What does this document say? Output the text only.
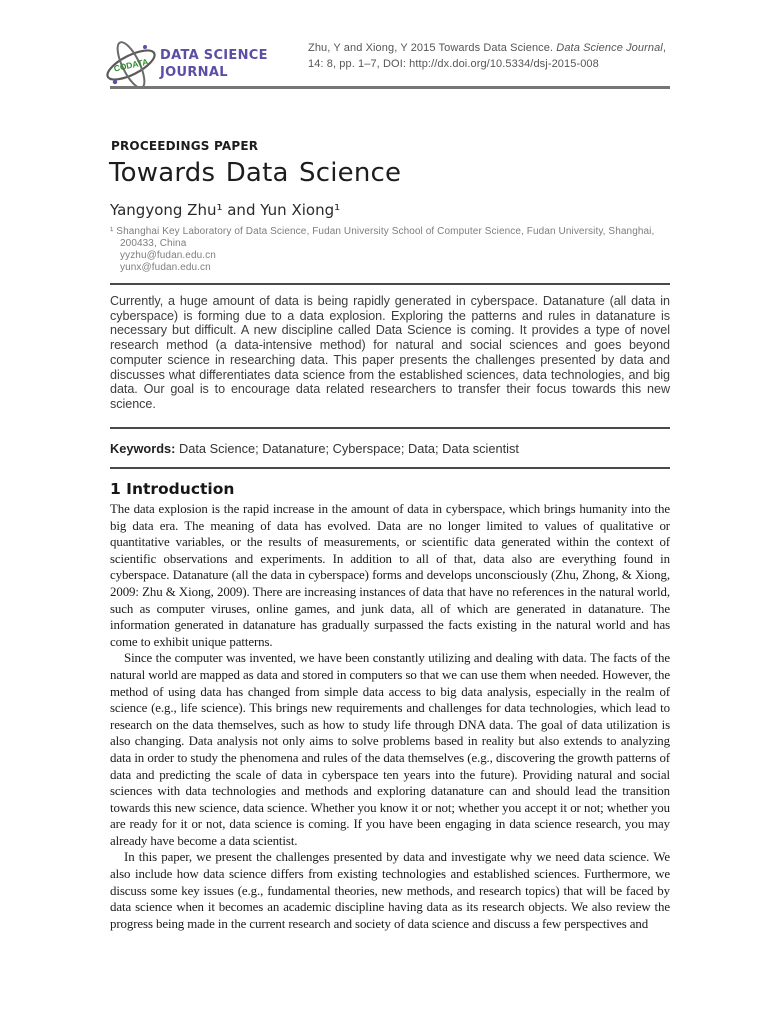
CODATA
DATA SCIENCE
JOURNAL
Zhu, Y and Xiong, Y 2015 Towards Data Science. Data Science Journal, 14: 8, pp. 1–7, DOI: http://dx.doi.org/10.5334/dsj-2015-008
PROCEEDINGS PAPER
Towards Data Science
Yangyong Zhu¹ and Yun Xiong¹
¹ Shanghai Key Laboratory of Data Science, Fudan University School of Computer Science, Fudan University, Shanghai, 200433, China
yyzhu@fudan.edu.cn
yunx@fudan.edu.cn
Currently, a huge amount of data is being rapidly generated in cyberspace. Datanature (all data in cyberspace) is forming due to a data explosion. Exploring the patterns and rules in datanature is necessary but difficult. A new discipline called Data Science is coming. It provides a type of novel research method (a data-intensive method) for natural and social sciences and goes beyond computer science in researching data. This paper presents the challenges presented by data and discusses what differentiates data science from the established sciences, data technologies, and big data. Our goal is to encourage data related researchers to transfer their focus towards this new science.
Keywords: Data Science; Datanature; Cyberspace; Data; Data scientist
1 Introduction

The data explosion is the rapid increase in the amount of data in cyberspace, which brings humanity into the big data era. The meaning of data has evolved. Data are no longer limited to values of qualitative or quantitative variables, or the results of measurements, or scientific data generated within the context of scientific observations and experiments. In addition to all of that, data also are everything found in cyberspace. Datanature (all the data in cyberspace) forms and develops unconsciously (Zhu, Zhong, & Xiong, 2009: Zhu & Xiong, 2009). There are increasing instances of data that have no references in the natural world, such as computer viruses, online games, and junk data, all of which are generated in datanature. The information generated in datanature has gradually surpassed the facts existing in the natural world and has come to exhibit unique patterns.

Since the computer was invented, we have been constantly utilizing and dealing with data. The facts of the natural world are mapped as data and stored in computers so that we can use them when needed. However, the method of using data has changed from simple data access to big data analysis, especially in the realm of science (e.g., life science). This brings new requirements and challenges for data technologies, which lead to research on the data themselves, such as how to study life through DNA data. The goal of data utilization is also changing. Data analysis not only aims to solve problems based in reality but also extends to analyzing data in order to study the phenomena and rules of the data themselves (e.g., discovering the growth patterns of data and predicting the scale of data in cyberspace ten years into the future). Providing natural and social sciences with data technologies and methods and exploring datanature can and should lead the transition towards this new science, data science. Whether you know it or not; whether you accept it or not; whether you are ready for it or not, data science is coming. If you have been engaging in data science research, you may already have become a data scientist.

In this paper, we present the challenges presented by data and investigate why we need data science. We also include how data science differs from existing technologies and established sciences. Furthermore, we discuss some key issues (e.g., fundamental theories, new methods, and research topics) that will be faced by data science when it becomes an academic discipline having data as its research objects. We also review the progress being made in the current research and society of data science and discuss a few perspectives and
